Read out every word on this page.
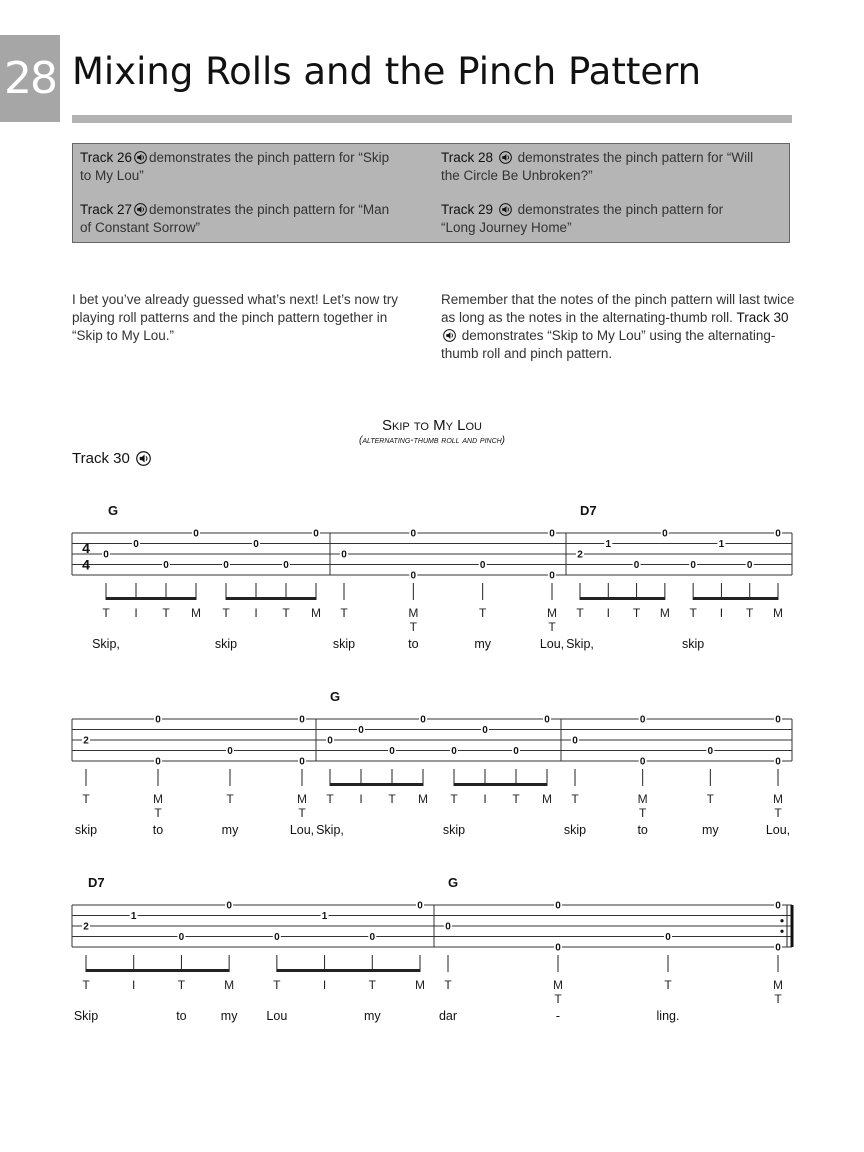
28 Mixing Rolls and the Pinch Pattern
Track 26 demonstrates the pinch pattern for “Skip to My Lou”
Track 27 demonstrates the pinch pattern for “Man of Constant Sorrow”
Track 28 demonstrates the pinch pattern for “Will the Circle Be Unbroken?”
Track 29 demonstrates the pinch pattern for “Long Journey Home”
I bet you’ve already guessed what’s next! Let’s now try playing roll patterns and the pinch pattern together in “Skip to My Lou.”
Remember that the notes of the pinch pattern will last twice as long as the notes in the alternating-thumb roll. Track 30 demonstrates “Skip to My Lou” using the alternating-thumb roll and pinch pattern.
Skip to My Lou
(alternating-thumb roll and pinch)
Track 30
4
4
G	D7
0
0
0
0
0
0
0
0
T I T M T I T M
Skip,	skip
0
0
0
0
0
0
T	M
T
T	M
T
skip	to	my	Lou,
2
1
0
0
0
1
0
0
T I T M T I T M
Skip,	skip
G
2
0
0
0
0
0
T	M
T
T	M
T
skip	to	my	Lou,
0
0
0
0
0
0
0
0
T I T M T I T M
Skip,	skip
0
0
0
0
0
0
T	M
T
T	M
T
skip	to	my	Lou,
D7	G
2
1
0
0
0
1
0
0
T	I	T	M	T	I	T	M
Skip	to	my Lou	my
0
0
0
0
0
0
T	M
T
T	M
T
dar	-	ling.
